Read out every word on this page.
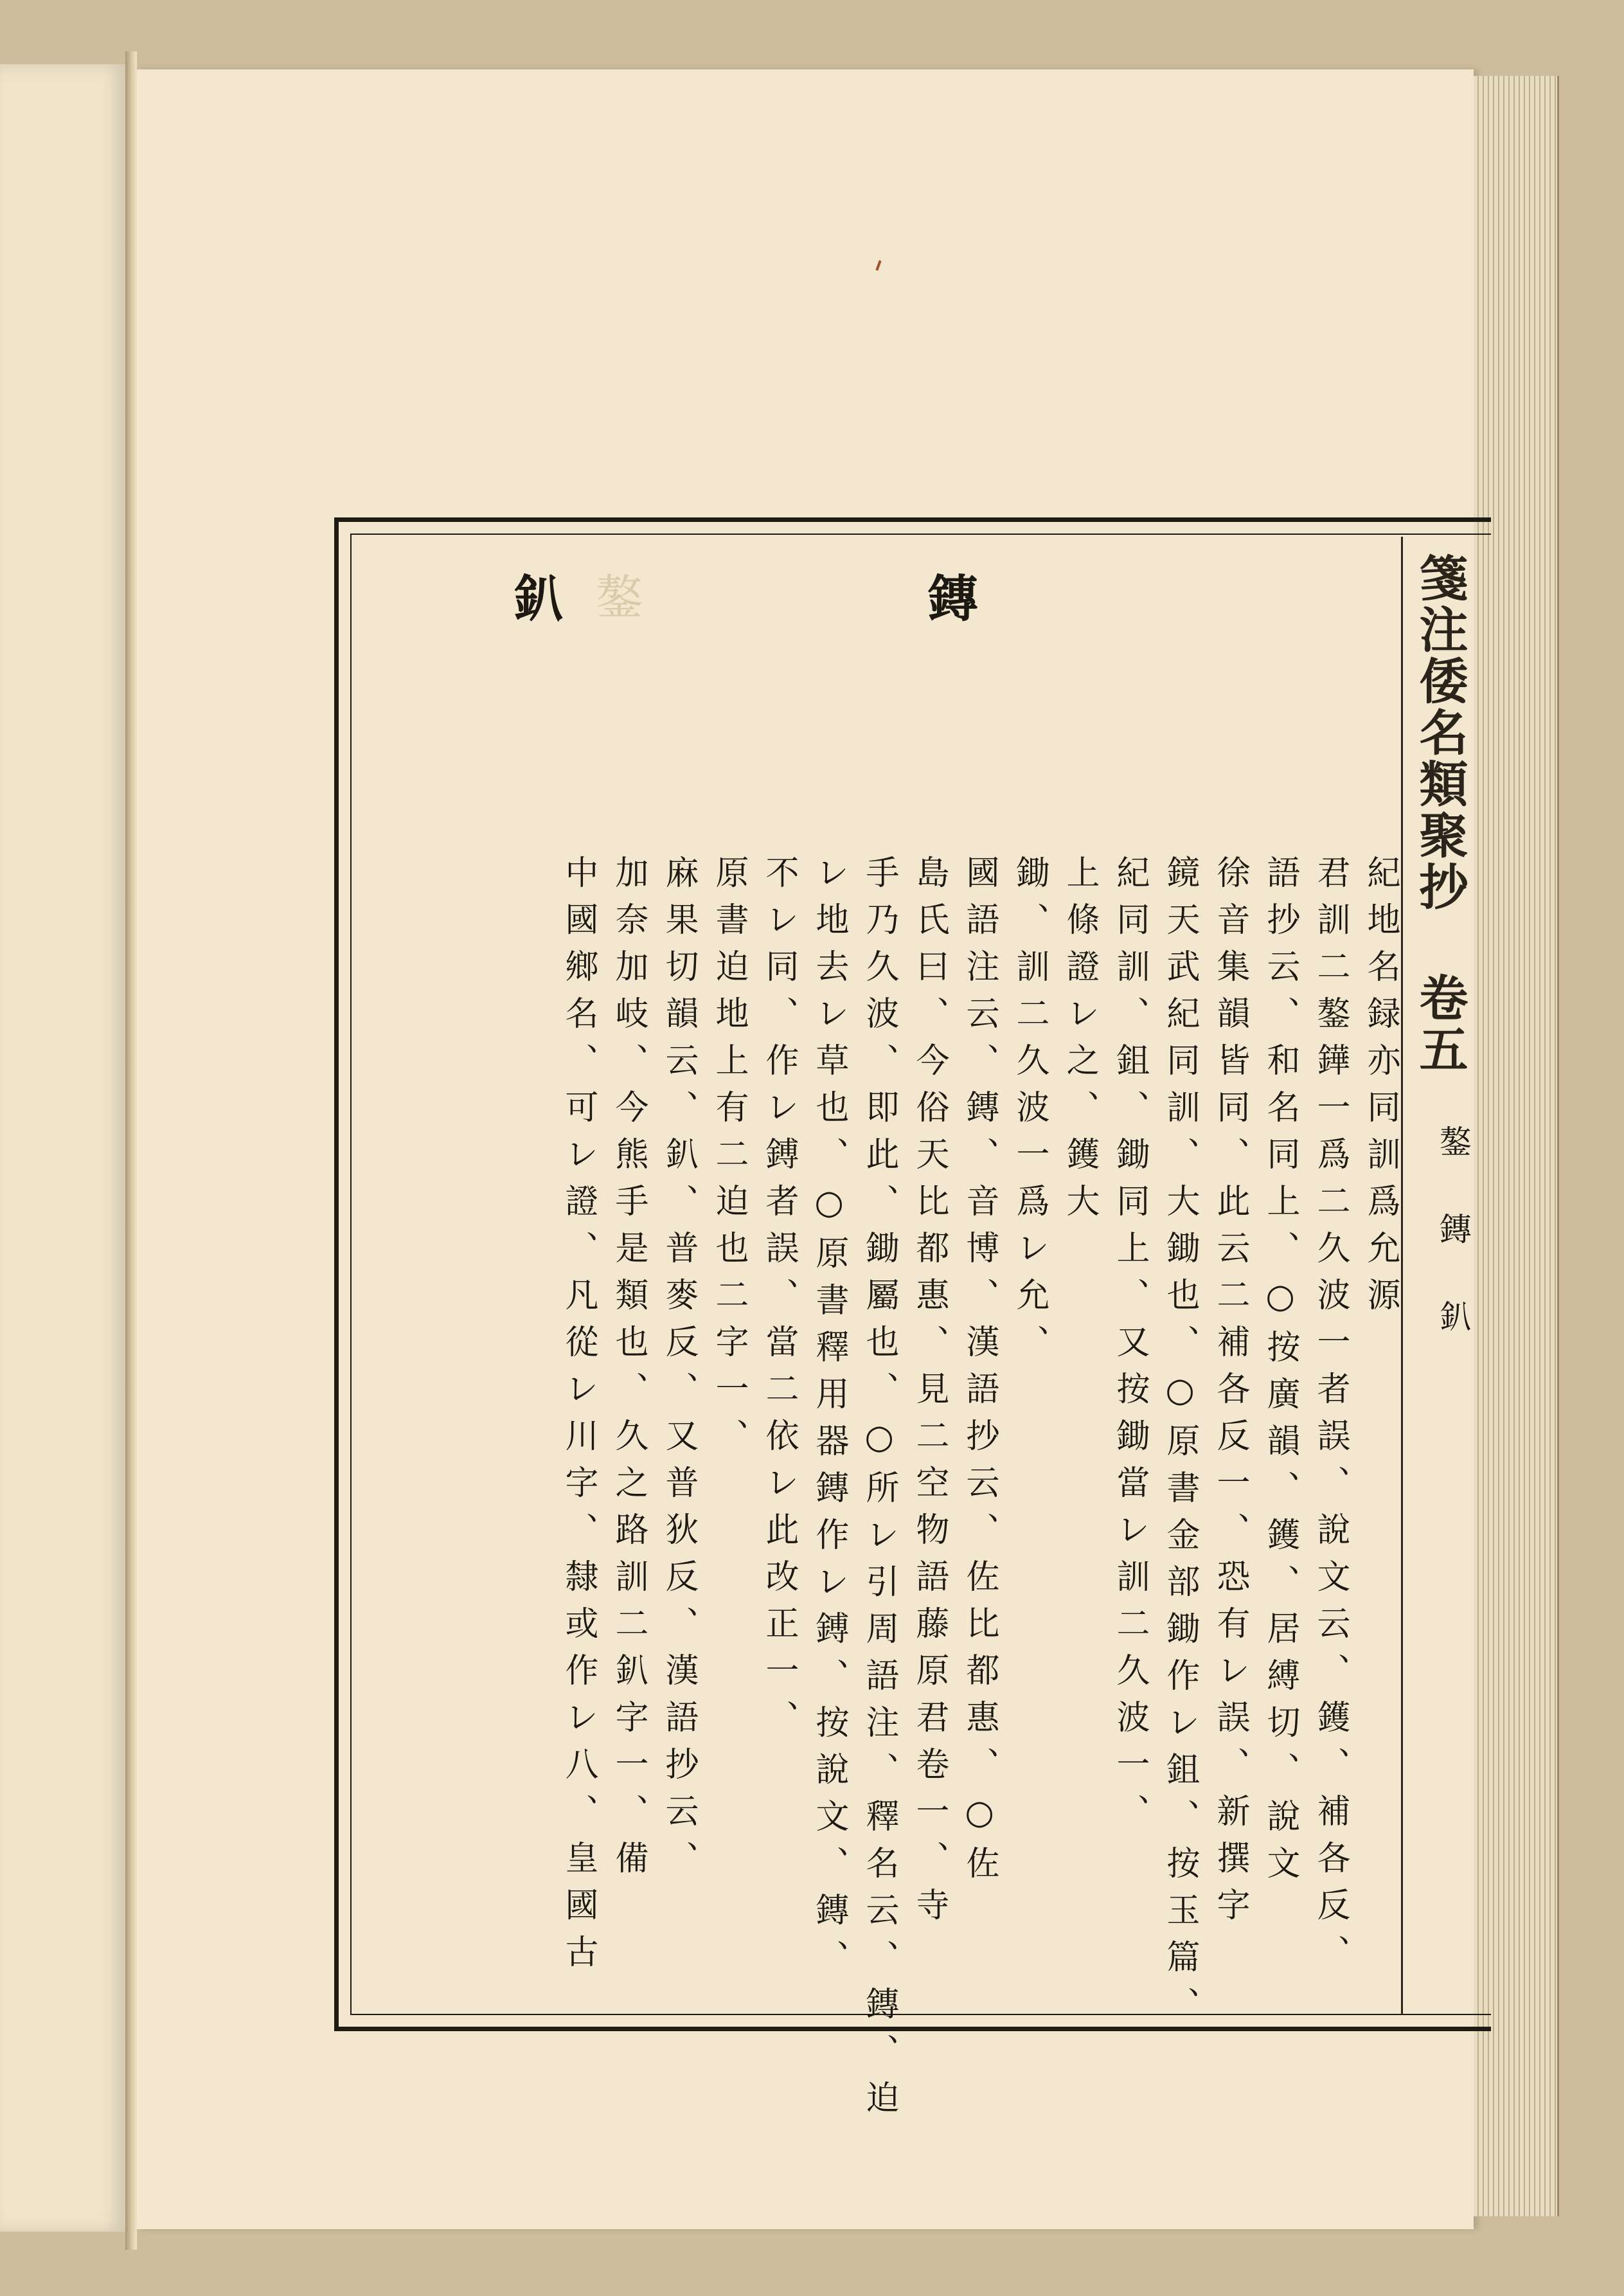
箋注倭名類聚抄 卷五
鏊 鏄 釟
鏄
釟 鏊
紀地名録亦同訓爲允源
君訓二鏊鏵一爲二久波一者誤、說文云、鑊、補各反、
語抄云、和名同上、○按廣韻、鑊、居縛切、說文
徐音集韻皆同、此云二補各反一、恐有レ誤、新撰字
鏡天武紀同訓、大鋤也、○原書金部鋤作レ鉏、按玉篇、
紀同訓、鉏、鋤同上、又按鋤當レ訓二久波一、
上條證レ之、鑊大
鋤、訓二久波一爲レ允、
國語注云、鏄、音博、漢語抄云、佐比都惠、○佐
島氏曰、今俗天比都惠、見二空物語藤原君卷一、寺
手乃久波、即此、鋤屬也、○所レ引周語注、釋名云、鏄、迫
レ地去レ草也、○原書釋用器鏄作レ鎛、按說文、鏄、
不レ同、作レ鎛者誤、當二依レ此改正一、
原書迫地上有二迫也二字一、
麻果切韻云、釟、普麥反、又普狄反、漢語抄云、
加奈加岐、今熊手是類也、久之路訓二釟字一、備
中國鄉名、可レ證、凡從レ川字、隸或作レ八、皇國古
